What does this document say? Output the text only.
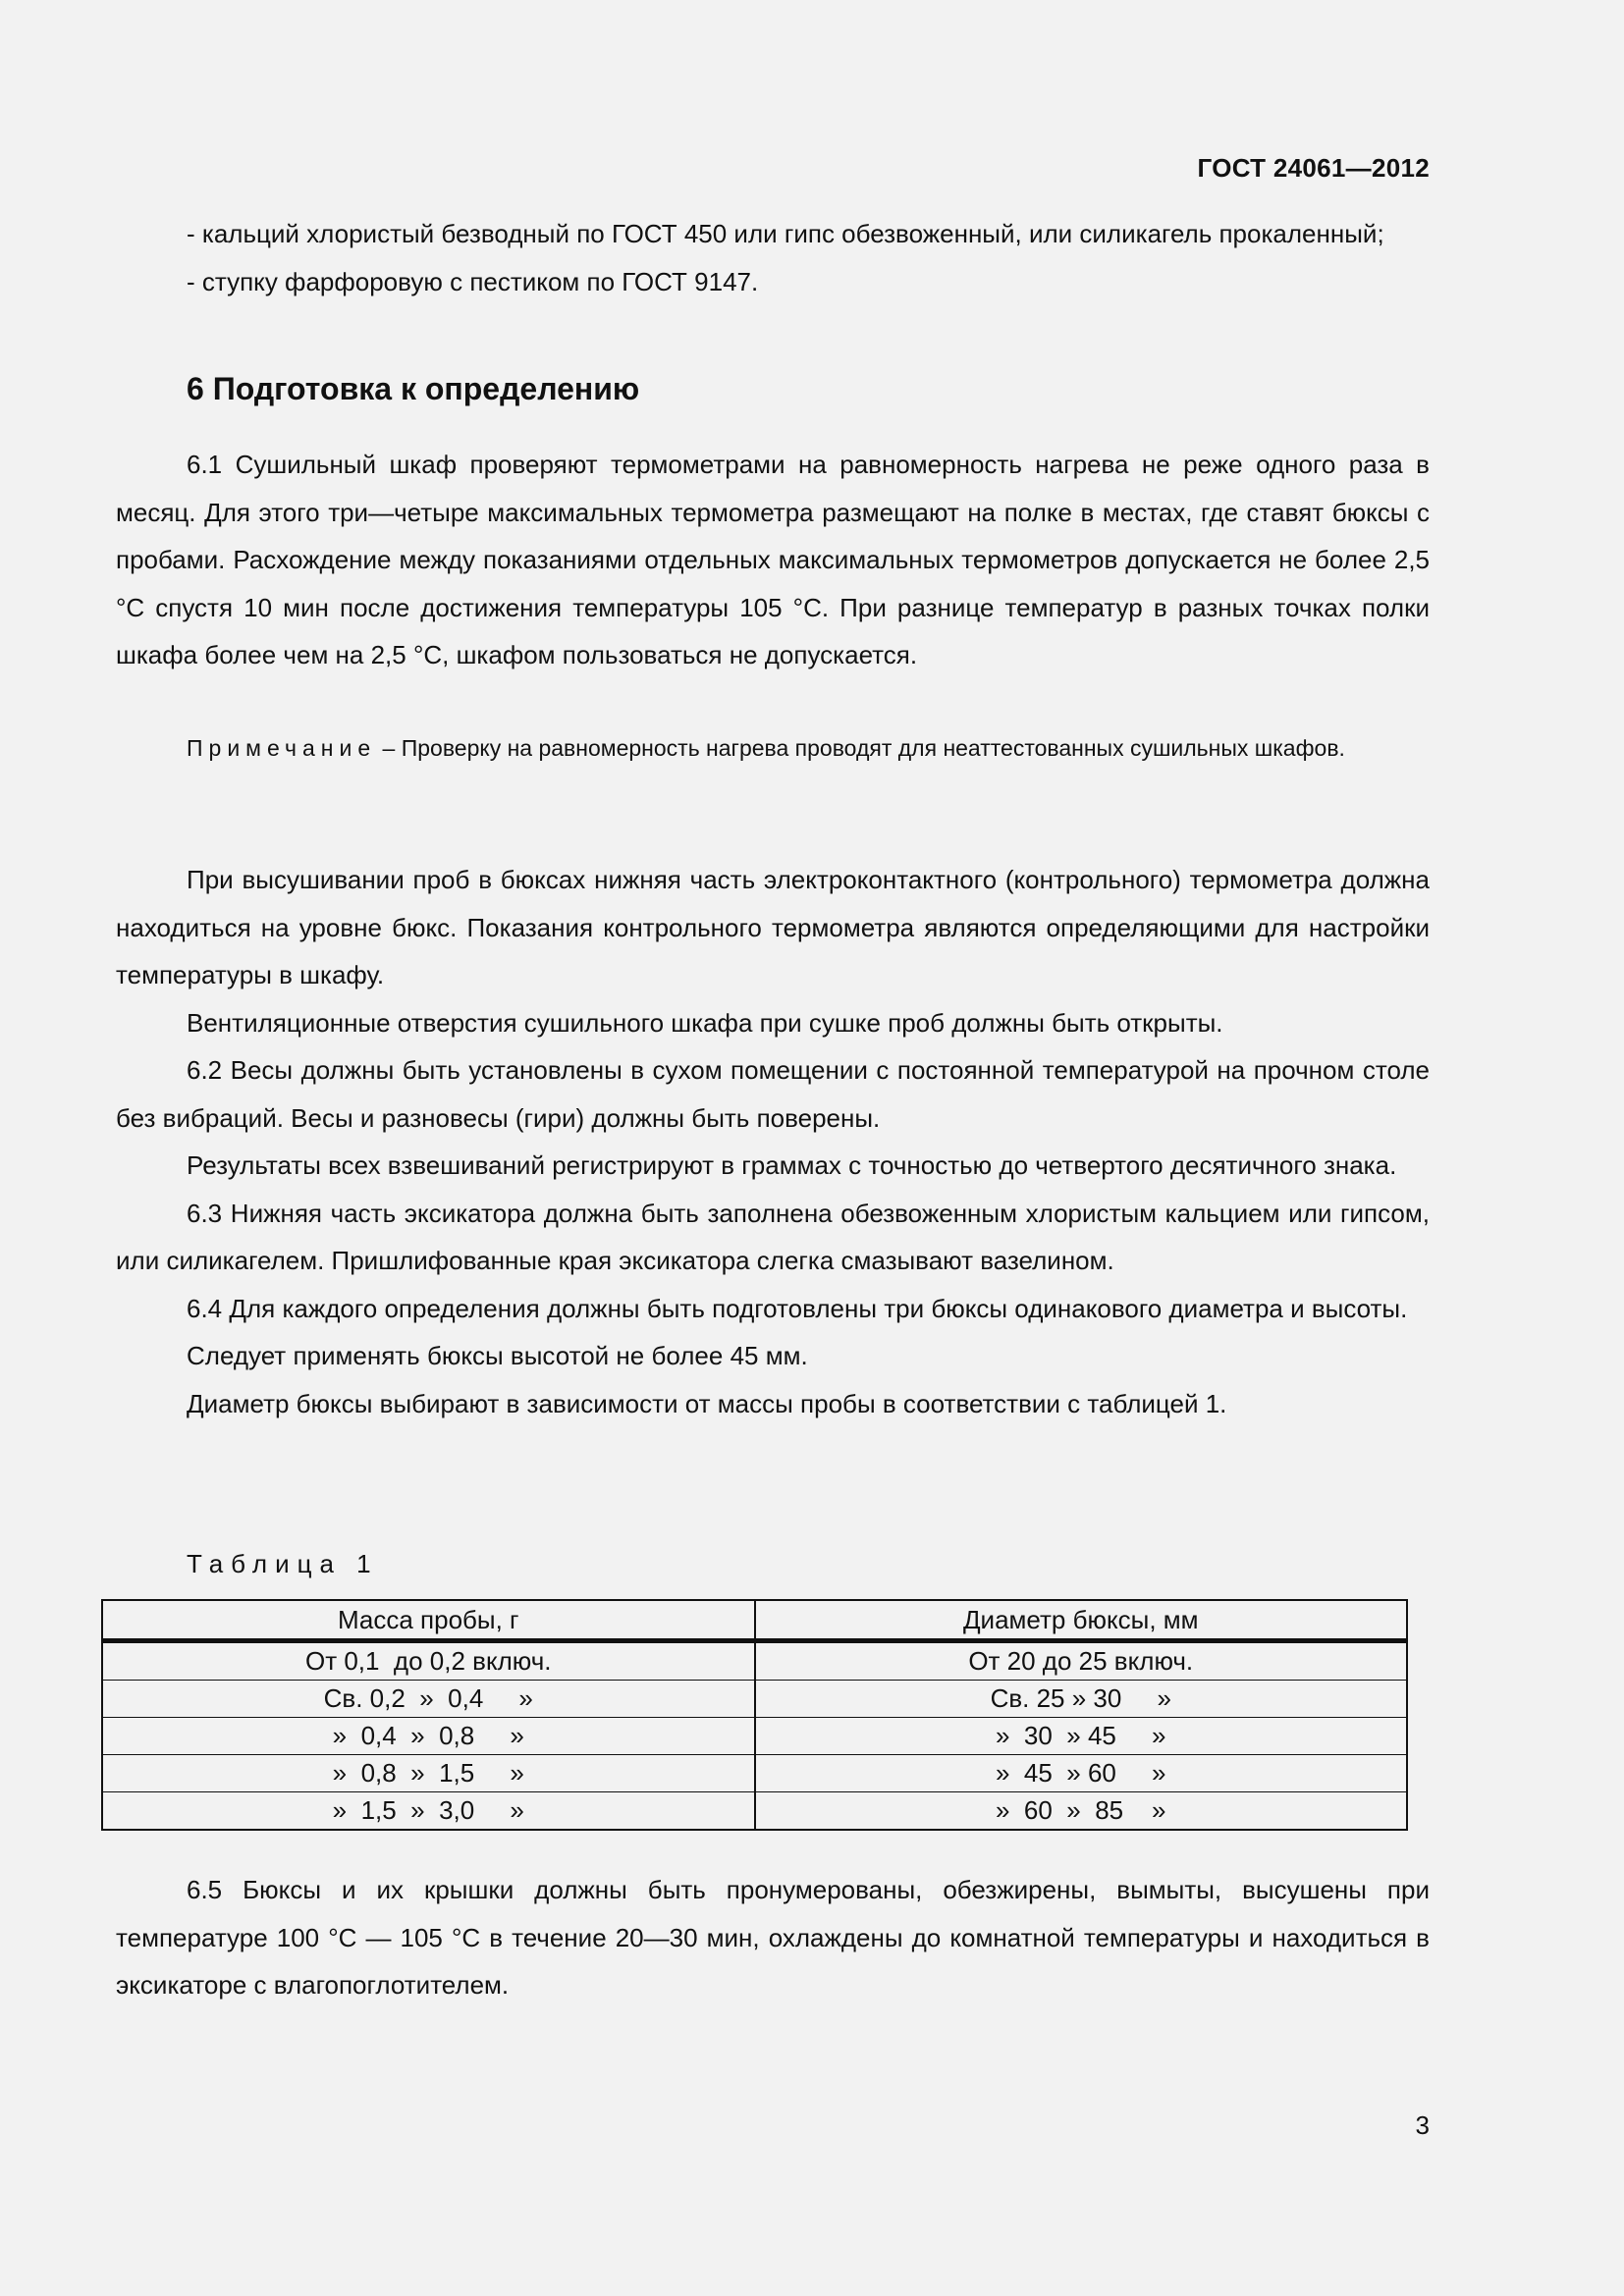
ГОСТ 24061—2012

- кальций хлористый безводный по ГОСТ 450 или гипс обезвоженный, или силикагель прокаленный;

- ступку фарфоровую с пестиком по ГОСТ 9147.

6 Подготовка к определению

6.1 Сушильный шкаф проверяют термометрами на равномерность нагрева не реже одного раза в месяц. Для этого три—четыре максимальных термометра размещают на полке в местах, где ставят бюксы с пробами. Расхождение между показаниями отдельных максимальных термометров допускается не более 2,5 °С спустя 10 мин после достижения температуры 105 °С. При разнице температур в разных точках полки шкафа более чем на 2,5 °С, шкафом пользоваться не допускается.

Примечание – Проверку на равномерность нагрева проводят для неаттестованных сушильных шкафов.

При высушивании проб в бюксах нижняя часть электроконтактного (контрольного) термометра должна находиться на уровне бюкс. Показания контрольного термометра являются определяющими для настройки температуры в шкафу.

Вентиляционные отверстия сушильного шкафа при сушке проб должны быть открыты.

6.2 Весы должны быть установлены в сухом помещении с постоянной температурой на прочном столе без вибраций. Весы и разновесы (гири) должны быть поверены.

Результаты всех взвешиваний регистрируют в граммах с точностью до четвертого десятичного знака.

6.3 Нижняя часть эксикатора должна быть заполнена обезвоженным хлористым кальцием или гипсом, или силикагелем. Пришлифованные края эксикатора слегка смазывают вазелином.

6.4 Для каждого определения должны быть подготовлены три бюксы одинакового диаметра и высоты.

Следует применять бюксы высотой не более 45 мм.

Диаметр бюксы выбирают в зависимости от массы пробы в соответствии с таблицей 1.

Таблица 1
Масса пробы, г	Диаметр бюксы, мм
От 0,1  до 0,2 включ.	От 20 до 25 включ.
Св. 0,2  »  0,4     »	Св. 25 » 30     »
»  0,4  »  0,8     »	»  30  » 45     »
»  0,8  »  1,5     »	»  45  » 60     »
»  1,5  »  3,0     »	»  60  »  85    »

6.5 Бюксы и их крышки должны быть пронумерованы, обезжирены, вымыты, высушены при температуре 100 °С — 105 °С в течение 20—30 мин, охлаждены до комнатной температуры и находиться в эксикаторе с влагопоглотителем.

3
